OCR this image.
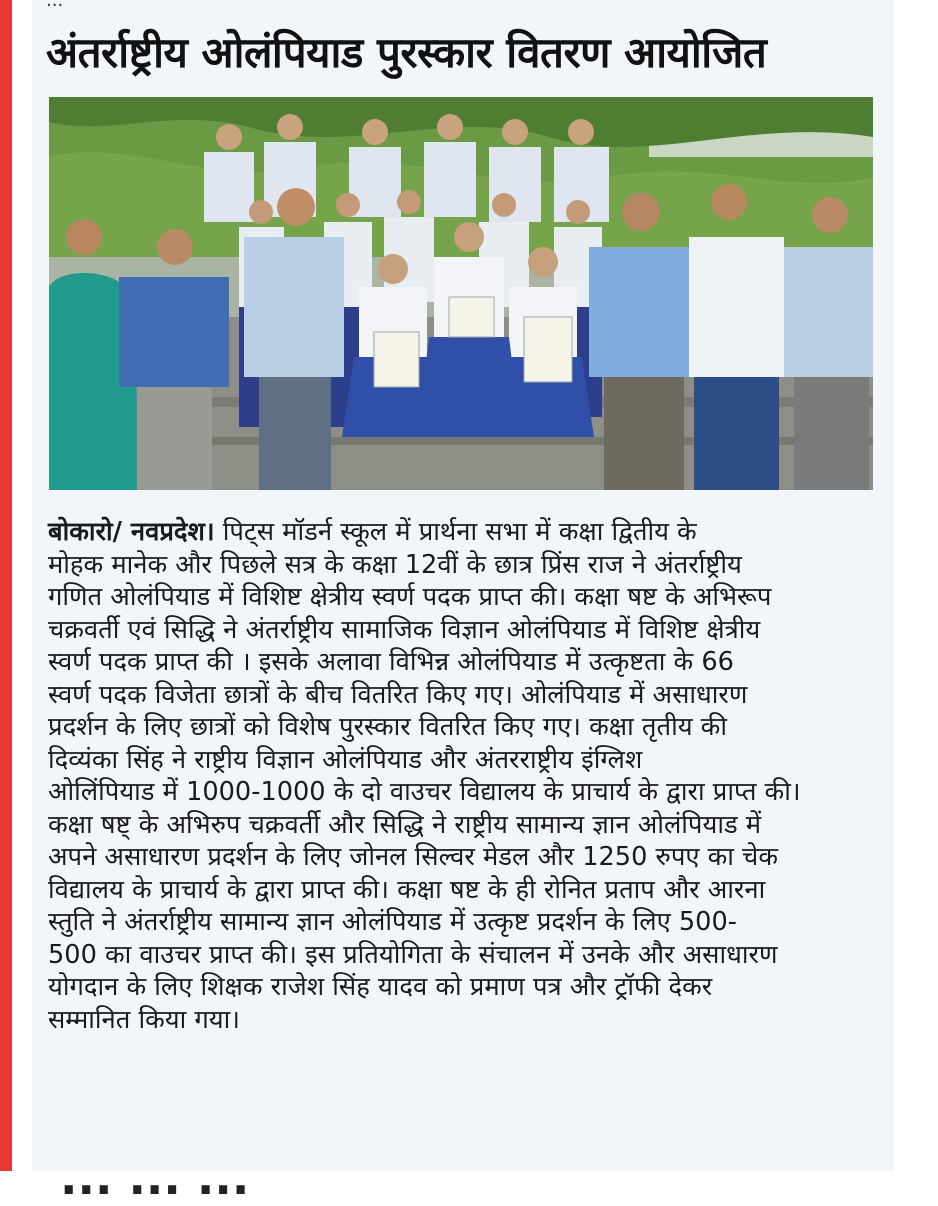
...
अंतर्राष्ट्रीय ओलंपियाड पुरस्कार वितरण आयोजित
बोकारो/ नवप्रदेश। पिट्स मॉडर्न स्कूल में प्रार्थना सभा में कक्षा द्वितीय के
मोहक मानेक और पिछले सत्र के कक्षा 12वीं के छात्र प्रिंस राज ने अंतर्राष्ट्रीय
गणित ओलंपियाड में विशिष्ट क्षेत्रीय स्वर्ण पदक प्राप्त की। कक्षा षष्ट के अभिरूप
चक्रवर्ती एवं सिद्धि ने अंतर्राष्ट्रीय सामाजिक विज्ञान ओलंपियाड में विशिष्ट क्षेत्रीय
स्वर्ण पदक प्राप्त की । इसके अलावा विभिन्न ओलंपियाड में उत्कृष्टता के 66
स्वर्ण पदक विजेता छात्रों के बीच वितरित किए गए। ओलंपियाड में असाधारण
प्रदर्शन के लिए छात्रों को विशेष पुरस्कार वितरित किए गए। कक्षा तृतीय की
दिव्यंका सिंह ने राष्ट्रीय विज्ञान ओलंपियाड और अंतरराष्ट्रीय इंग्लिश
ओलिंपियाड में 1000-1000 के दो वाउचर विद्यालय के प्राचार्य के द्वारा प्राप्त की।
कक्षा षष्ट् के अभिरुप चक्रवर्ती और सिद्धि ने राष्ट्रीय सामान्य ज्ञान ओलंपियाड में
अपने असाधारण प्रदर्शन के लिए जोनल सिल्वर मेडल और 1250 रुपए का चेक
विद्यालय के प्राचार्य के द्वारा प्राप्त की। कक्षा षष्ट के ही रोनित प्रताप और आरना
स्तुति ने अंतर्राष्ट्रीय सामान्य ज्ञान ओलंपियाड में उत्कृष्ट प्रदर्शन के लिए 500-
500 का वाउचर प्राप्त की। इस प्रतियोगिता के संचालन में उनके और असाधारण
योगदान के लिए शिक्षक राजेश सिंह यादव को प्रमाण पत्र और ट्रॉफी देकर
सम्मानित किया गया।
... ... ...
